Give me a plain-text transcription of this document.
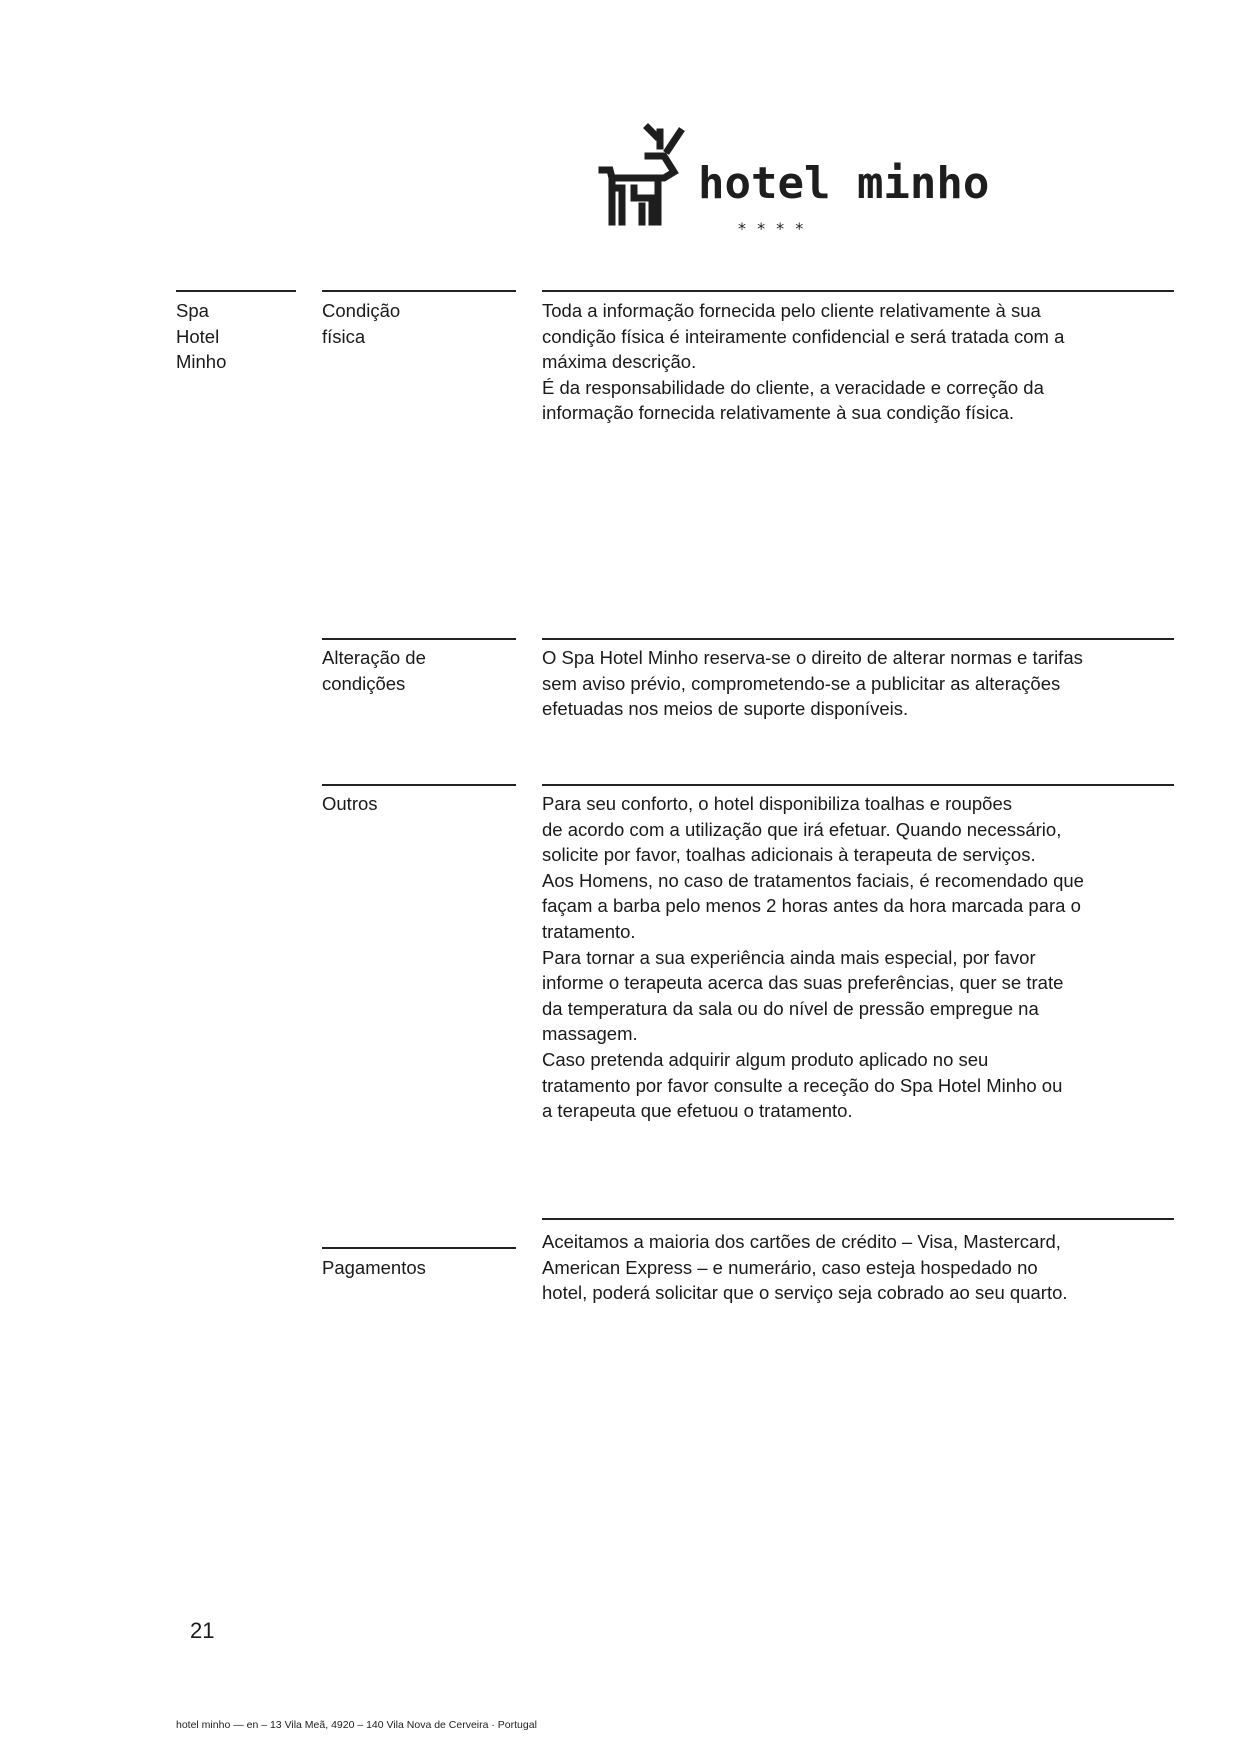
hotel minho
* * * *
Spa
Hotel
Minho
Condição
física
Toda a informação fornecida pelo cliente relativamente à sua
condição física é inteiramente confidencial e será tratada com a
máxima descrição.
É da responsabilidade do cliente, a veracidade e correção da
informação fornecida relativamente à sua condição física.
Alteração de
condições
O Spa Hotel Minho reserva-se o direito de alterar normas e tarifas
sem aviso prévio, comprometendo-se a publicitar as alterações
efetuadas nos meios de suporte disponíveis.
Outros	Para seu conforto, o hotel disponibiliza toalhas e roupões
de acordo com a utilização que irá efetuar. Quando necessário,
solicite por favor, toalhas adicionais à terapeuta de serviços.
Aos Homens, no caso de tratamentos faciais, é recomendado que
façam a barba pelo menos 2 horas antes da hora marcada para o
tratamento.
Para tornar a sua experiência ainda mais especial, por favor
informe o terapeuta acerca das suas preferências, quer se trate
da temperatura da sala ou do nível de pressão empregue na
massagem.
Caso pretenda adquirir algum produto aplicado no seu
tratamento por favor consulte a receção do Spa Hotel Minho ou
a terapeuta que efetuou o tratamento.
Pagamentos
Aceitamos a maioria dos cartões de crédito – Visa, Mastercard,
American Express – e numerário, caso esteja hospedado no
hotel, poderá solicitar que o serviço seja cobrado ao seu quarto.
21
hotel minho — en – 13 Vila Meã, 4920 – 140 Vila Nova de Cerveira · Portugal
